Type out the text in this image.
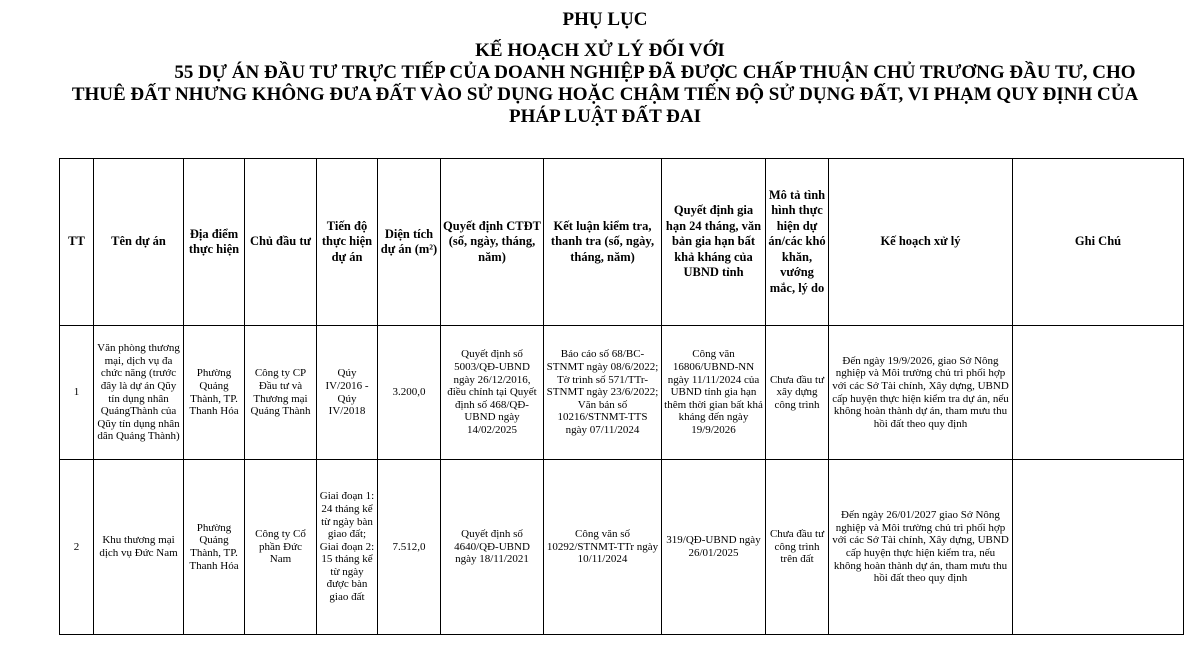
PHỤ LỤC
KẾ HOẠCH XỬ LÝ ĐỐI VỚI
55 DỰ ÁN ĐẦU TƯ TRỰC TIẾP CỦA DOANH NGHIỆP ĐÃ ĐƯỢC CHẤP THUẬN CHỦ TRƯƠNG ĐẦU TƯ, CHO
THUÊ ĐẤT NHƯNG KHÔNG ĐƯA ĐẤT VÀO SỬ DỤNG HOẶC CHẬM TIẾN ĐỘ SỬ DỤNG ĐẤT, VI PHẠM QUY ĐỊNH CỦA
PHÁP LUẬT ĐẤT ĐAI
TT	Tên dự án	Địa điểm thực hiện	Chủ đầu tư	Tiến độ thực hiện dự án	Diện tích dự án (m²)	Quyết định CTĐT (số, ngày, tháng, năm)	Kết luận kiểm tra, thanh tra (số, ngày, tháng, năm)	Quyết định gia hạn 24 tháng, văn bản gia hạn bất khả kháng của UBND tỉnh	Mô tả tình hình thực hiện dự án/các khó khăn, vướng mắc, lý do	Kế hoạch xử lý	Ghi Chú
1	Văn phòng thương mại, dịch vụ đa chức năng (trước đây là dự án Qũy tín dụng nhân QuảngThành của Qũy tín dụng nhân dân Quảng Thành)	Phường Quảng Thành, TP. Thanh Hóa	Công ty CP Đầu tư và Thương mại Quảng Thành	Qúy IV/2016 - Qúy IV/2018	3.200,0	Quyết định số 5003/QĐ-UBND ngày 26/12/2016, điều chỉnh tại Quyết định số 468/QĐ-UBND ngày 14/02/2025	Báo cáo số 68/BC-STNMT ngày 08/6/2022; Tờ trình số 571/TTr-STNMT ngày 23/6/2022; Văn bản số 10216/STNMT-TTS ngày 07/11/2024	Công văn 16806/UBND-NN ngày 11/11/2024 của UBND tỉnh gia hạn thêm thời gian bất khả kháng đến ngày 19/9/2026	Chưa đầu tư xây dựng công trình	Đến ngày 19/9/2026, giao Sở Nông nghiệp và Môi trường chủ trì phối hợp với các Sở Tài chính, Xây dựng, UBND cấp huyện thực hiện kiểm tra dự án, nếu không hoàn thành dự án, tham mưu thu hồi đất theo quy định	
2	Khu thương mại dịch vụ Đức Nam	Phường Quảng Thành, TP. Thanh Hóa	Công ty Cổ phần Đức Nam	Giai đoạn 1: 24 tháng kể từ ngày bàn giao đất; Giai đoạn 2: 15 tháng kể từ ngày được bàn giao đất	7.512,0	Quyết định số 4640/QĐ-UBND ngày 18/11/2021	Công văn số 10292/STNMT-TTr ngày 10/11/2024	319/QĐ-UBND ngày 26/01/2025	Chưa đầu tư công trình trên đất	Đến ngày 26/01/2027 giao Sở Nông nghiệp và Môi trường chủ trì phối hợp với các Sở Tài chính, Xây dựng, UBND cấp huyện thực hiện kiểm tra, nếu không hoàn thành dự án, tham mưu thu hồi đất theo quy định	
